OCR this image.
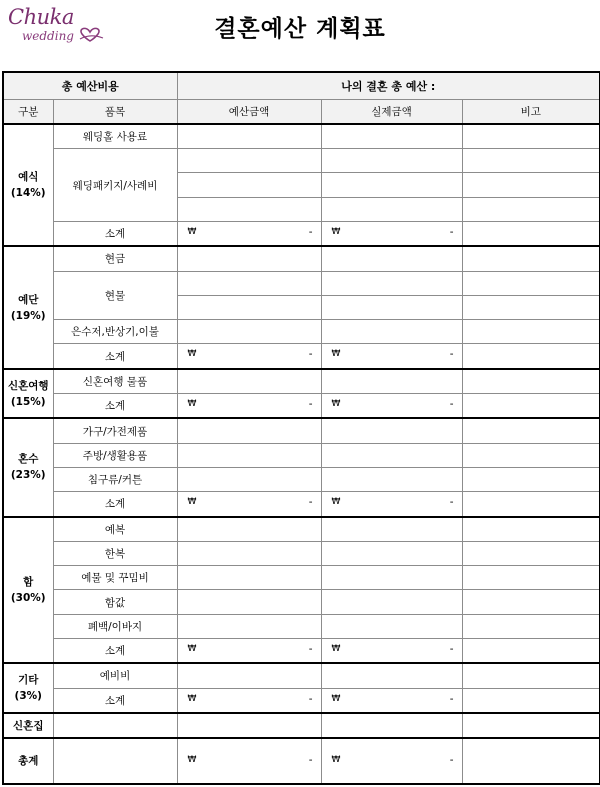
Chuka
wedding	결혼예산 계획표
총 예산비용		나의 결혼 총 예산 :		
구분	품목	예산금액	실제금액	비고
예식
(14%)	웨딩홀 사용료			
	웨딩패키지/사례비			

	소계	₩ -	₩ -	

예단
(19%)	현금			
	현물			

	은수저,반상기,이불			
	소계	₩ -	₩ -	

신혼여행
(15%)	신혼여행 물품			
	소계	₩ -	₩ -	

혼수
(23%)	가구/가전제품			
	주방/생활용품			
	침구류/커튼			
	소계	₩ -	₩ -	

함
(30%)	예복			
	한복			
	예물 및 꾸밈비			
	함값			
	폐백/이바지			
	소계	₩ -	₩ -	

기타
(3%)	예비비			
	소계	₩ -	₩ -	

신혼집				
총계		₩ -	₩ -	
